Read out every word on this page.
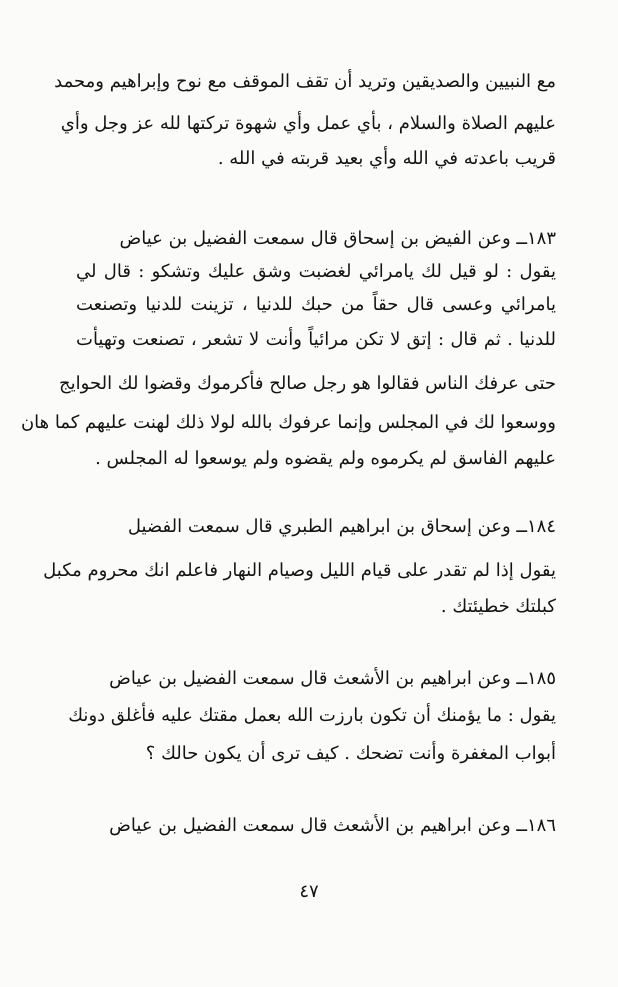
مع النبيين والصديقين وتريد أن تقف الموقف مع نوح وإبراهيم ومحمد
عليهم الصلاة والسلام ، بأي عمل وأي شهوة تركتها لله عز وجل وأي
قريب باعدته في الله وأي بعيد قربته في الله .
١٨٣ــ وعن الفيض بن إسحاق قال سمعت الفضيل بن عياض
يقول : لو قيل لك يامرائي لغضبت وشق عليك وتشكو : قال لي
يامرائي وعسى قال حقاً من حبك للدنيا ، تزينت للدنيا وتصنعت
للدنيا . ثم قال : إتق لا تكن مرائياً وأنت لا تشعر ، تصنعت وتهيأت
حتى عرفك الناس فقالوا هو رجل صالح فأكرموك وقضوا لك الحوايج
ووسعوا لك في المجلس وإنما عرفوك بالله لولا ذلك لهنت عليهم كما هان
عليهم الفاسق لم يكرموه ولم يقضوه ولم يوسعوا له المجلس .
١٨٤ــ وعن إسحاق بن ابراهيم الطبري قال سمعت الفضيل
يقول إذا لم تقدر على قيام الليل وصيام النهار فاعلم انك محروم مكبل
كبلتك خطيئتك .
١٨٥ــ وعن ابراهيم بن الأشعث قال سمعت الفضيل بن عياض
يقول : ما يؤمنك أن تكون بارزت الله بعمل مقتك عليه فأغلق دونك
أبواب المغفرة وأنت تضحك . كيف ترى أن يكون حالك ؟
١٨٦ــ وعن ابراهيم بن الأشعث قال سمعت الفضيل بن عياض
٤٧
